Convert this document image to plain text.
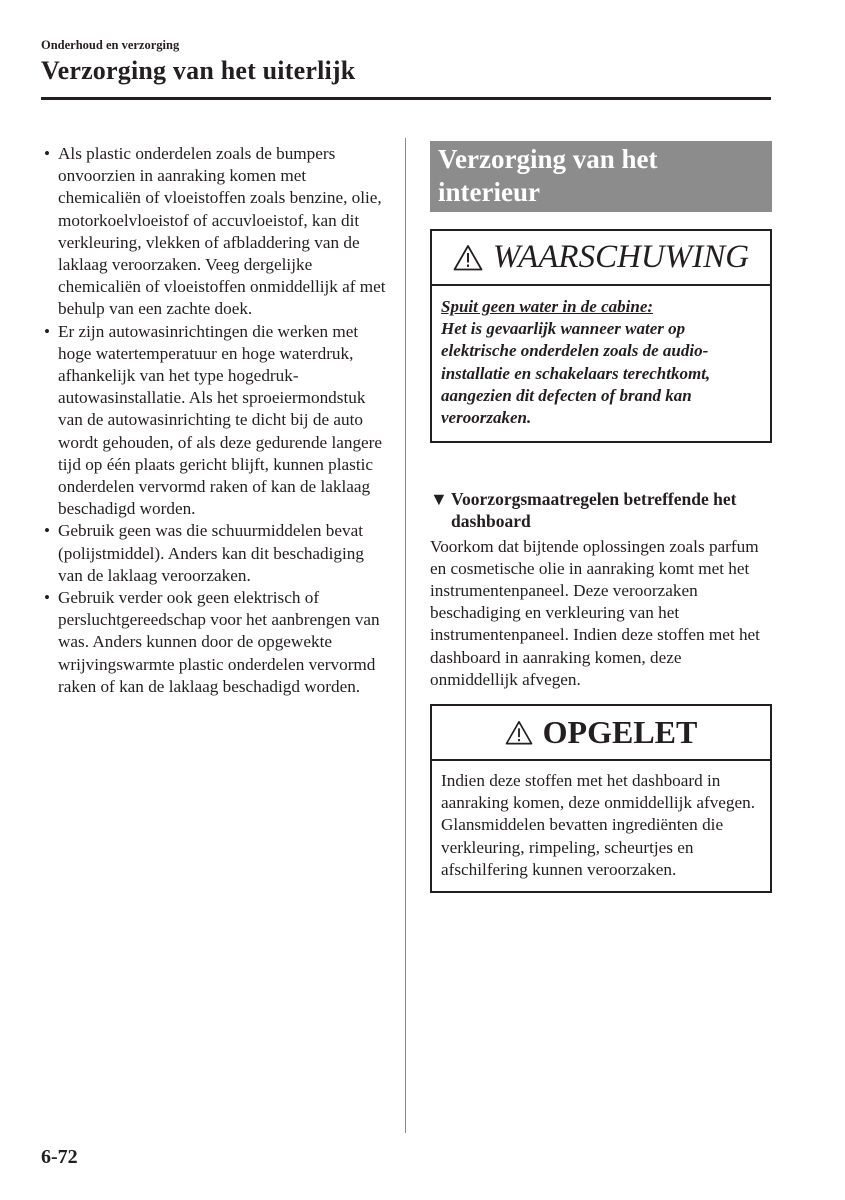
Onderhoud en verzorging
Verzorging van het uiterlijk
• Als plastic onderdelen zoals de bumpers onvoorzien in aanraking komen met chemicaliën of vloeistoffen zoals benzine, olie, motorkoelvloeistof of accuvloeistof, kan dit verkleuring, vlekken of afbladdering van de laklaag veroorzaken. Veeg dergelijke chemicaliën of vloeistoffen onmiddellijk af met behulp van een zachte doek.
• Er zijn autowasinrichtingen die werken met hoge watertemperatuur en hoge waterdruk, afhankelijk van het type hogedruk-autowasinstallatie. Als het sproeiermondstuk van de autowasinrichting te dicht bij de auto wordt gehouden, of als deze gedurende langere tijd op één plaats gericht blijft, kunnen plastic onderdelen vervormd raken of kan de laklaag beschadigd worden.
• Gebruik geen was die schuurmiddelen bevat (polijstmiddel). Anders kan dit beschadiging van de laklaag veroorzaken.
• Gebruik verder ook geen elektrisch of persluchtgereedschap voor het aanbrengen van was. Anders kunnen door de opgewekte wrijvingswarmte plastic onderdelen vervormd raken of kan de laklaag beschadigd worden.
Verzorging van het interieur
WAARSCHUWING
Spuit geen water in de cabine:
Het is gevaarlijk wanneer water op elektrische onderdelen zoals de audio-installatie en schakelaars terechtkomt, aangezien dit defecten of brand kan veroorzaken.
▼ Voorzorgsmaatregelen betreffende het dashboard
Voorkom dat bijtende oplossingen zoals parfum en cosmetische olie in aanraking komt met het instrumentenpaneel. Deze veroorzaken beschadiging en verkleuring van het instrumentenpaneel. Indien deze stoffen met het dashboard in aanraking komen, deze onmiddellijk afvegen.
OPGELET
Indien deze stoffen met het dashboard in aanraking komen, deze onmiddellijk afvegen.
Glansmiddelen bevatten ingrediënten die verkleuring, rimpeling, scheurtjes en afschilfering kunnen veroorzaken.
6-72
